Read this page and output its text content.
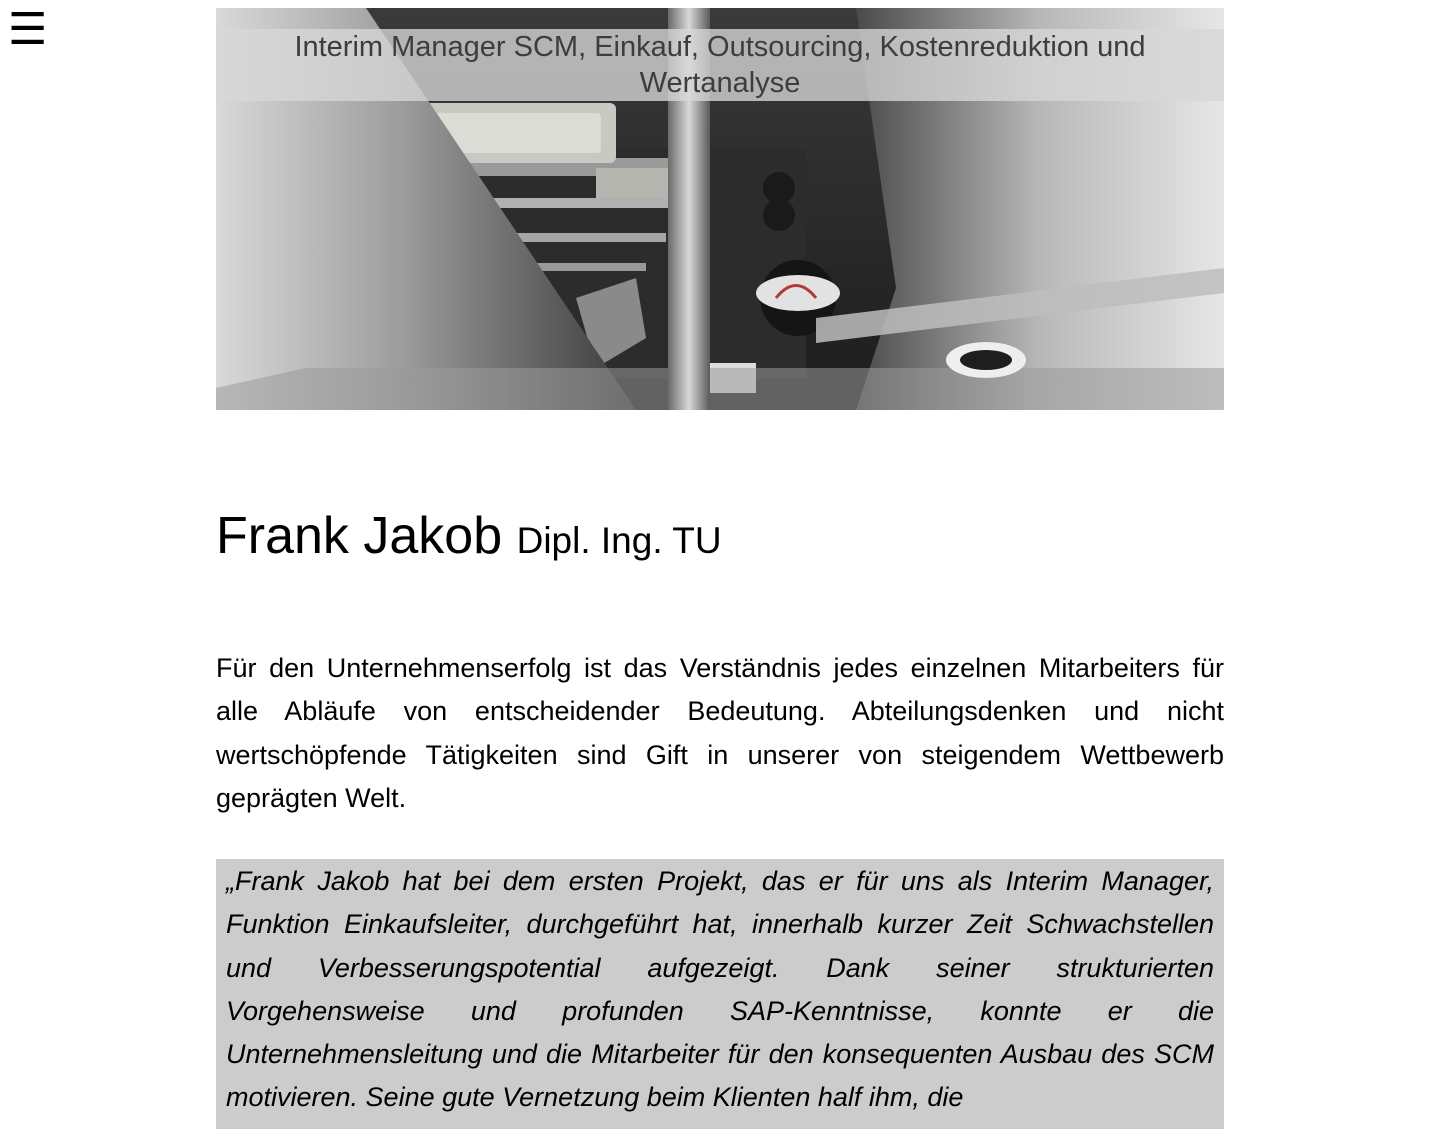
☰	Interim Manager SCM, Einkauf, Outsourcing, Kostenreduktion und Wertanalyse
Frank Jakob Dipl. Ing. TU

Für den Unternehmenserfolg ist das Verständnis jedes einzelnen Mitarbeiters für alle Abläufe von entscheidender Bedeutung. Abteilungsdenken und nicht wertschöpfende Tätigkeiten sind Gift in unserer von steigendem Wettbewerb geprägten Welt.

„Frank Jakob hat bei dem ersten Projekt, das er für uns als Interim Manager, Funktion Einkaufsleiter, durchgeführt hat, innerhalb kurzer Zeit Schwachstellen und Verbesserungspotential aufgezeigt. Dank seiner strukturierten Vorgehensweise und profunden SAP-Kenntnisse, konnte er die Unternehmensleitung und die Mitarbeiter für den konsequenten Ausbau des SCM motivieren. Seine gute Vernetzung beim Klienten half ihm, die
